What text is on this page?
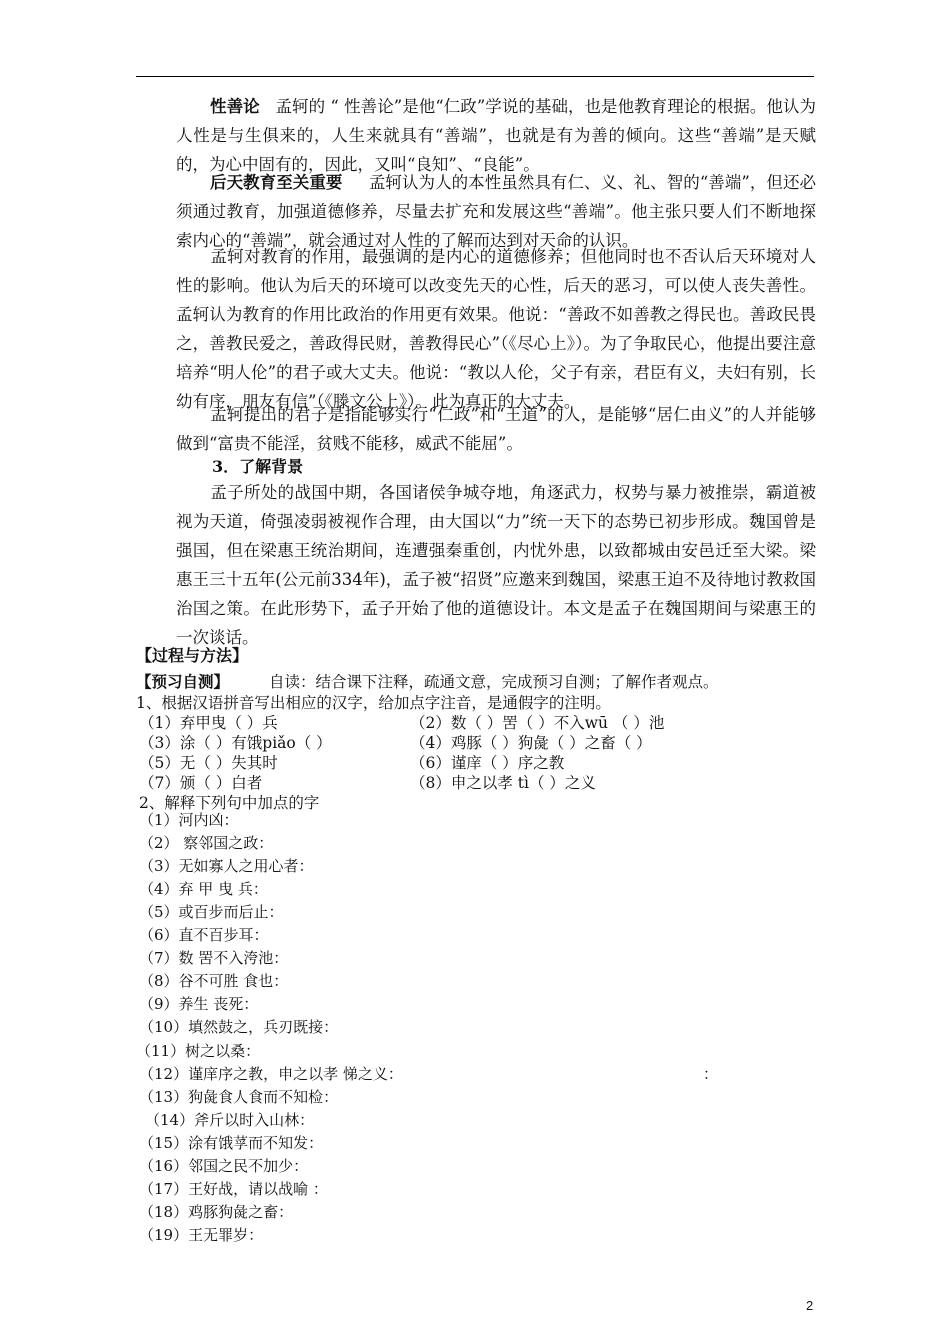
性善论 孟轲的 “ 性善论”是他“仁政”学说的基础，也是他教育理论的根据。他认为人性是与生俱来的，人生来就具有“善端”，也就是有为善的倾向。这些“善端”是天赋的，为心中固有的，因此，又叫“良知”、“良能”。
后天教育至关重要 孟轲认为人的本性虽然具有仁、义、礼、智的“善端”，但还必须通过教育，加强道德修养，尽量去扩充和发展这些“善端”。他主张只要人们不断地探索内心的“善端”，就会通过对人性的了解而达到对天命的认识。
孟轲对教育的作用，最强调的是内心的道德修养；但他同时也不否认后天环境对人性的影响。他认为后天的环境可以改变先天的心性，后天的恶习，可以使人丧失善性。孟轲认为教育的作用比政治的作用更有效果。他说：“善政不如善教之得民也。善政民畏之，善教民爱之，善政得民财，善教得民心”（《尽心上》）。为了争取民心，他提出要注意培养“明人伦”的君子或大丈夫。他说：“教以人伦，父子有亲，君臣有义，夫妇有别，长幼有序，朋友有信”（《滕文公上》）。此为真正的大丈夫。
孟轲提出的君子是指能够实行“仁政”和“王道”的人，是能够“居仁由义”的人并能够做到“富贵不能淫，贫贱不能移，威武不能屈”。
3．了解背景
孟子所处的战国中期，各国诸侯争城夺地，角逐武力，权势与暴力被推崇，霸道被视为天道，倚强凌弱被视作合理，由大国以“力”统一天下的态势已初步形成。魏国曾是强国，但在梁惠王统治期间，连遭强秦重创，内忧外患，以致都城由安邑迁至大梁。梁惠王三十五年(公元前334年)，孟子被“招贤”应邀来到魏国，梁惠王迫不及待地讨教救国治国之策。在此形势下，孟子开始了他的道德设计。本文是孟子在魏国期间与梁惠王的一次谈话。
【过程与方法】
【预习自测】	自读：结合课下注释，疏通文意，完成预习自测；了解作者观点。
1、根据汉语拼音写出相应的汉字，给加点字注音，是通假字的注明。
（1）弃甲曳（ ）兵	（2）数（ ）罟（ ）不入wū （ ）池
（3）涂（ ）有饿piǎo（ ）	（4）鸡豚（ ）狗彘（ ）之畜（ ）
（5）无（ ）失其时	（6）谨庠（ ）序之教
（7）颁（ ）白者	（8）申之以孝 tì（ ）之义
2、解释下列句中加点的字
（1）河内凶：
（2） 察邻国之政：
（3）无如寡人之用心者：
（4）弃 甲 曳 兵：
（5）或百步而后止：
（6）直不百步耳：
（7）数 罟不入洿池：
（8）谷不可胜 食也：
（9）养生 丧死：
（10）填然鼓之，兵刃既接：
（11）树之以桑：
（12）谨庠序之教，申之以孝 悌之义：	：
（13）狗彘食人食而不知检：
（14）斧斤以时入山林：
（15）涂有饿莩而不知发：
（16）邻国之民不加少：
（17）王好战，请以战喻 ：
（18）鸡豚狗彘之畜：
（19）王无罪岁：
2
